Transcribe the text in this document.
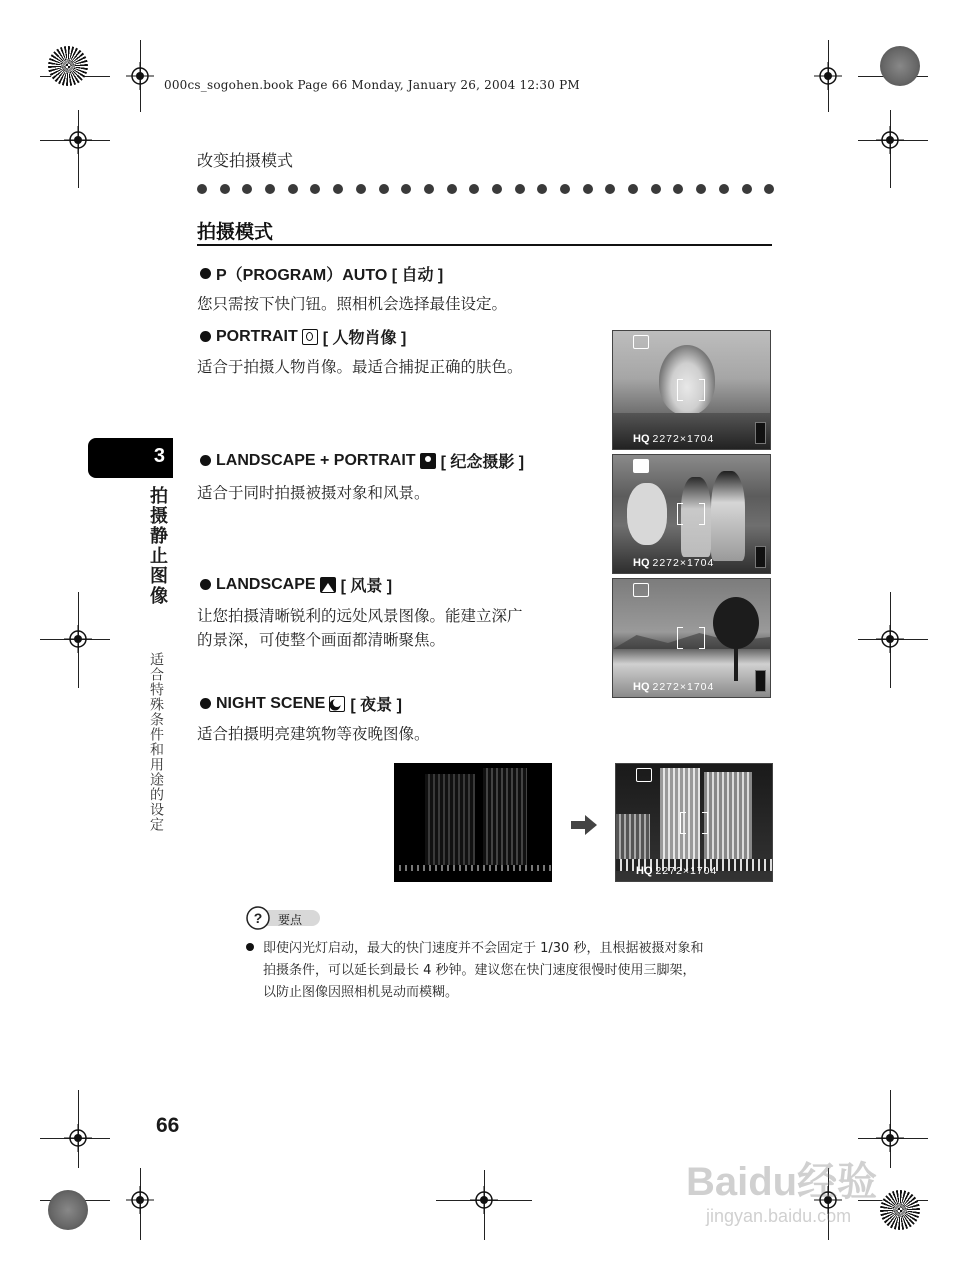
000cs_sogohen.book Page 66 Monday, January 26, 2004 12:30 PM
改变拍摄模式
拍摄模式
P（PROGRAM）AUTO [ 自动 ]
您只需按下快门钮。照相机会选择最佳设定。
PORTRAIT [ 人物肖像 ]
适合于拍摄人物肖像。最适合捕捉正确的肤色。
HQ 2272×1704
LANDSCAPE + PORTRAIT [ 纪念摄影 ]
适合于同时拍摄被摄对象和风景。
HQ 2272×1704
LANDSCAPE [ 风景 ]
让您拍摄清晰锐利的远处风景图像。能建立深广
的景深，可使整个画面都清晰聚焦。
HQ 2272×1704
NIGHT SCENE [ 夜景 ]
适合拍摄明亮建筑物等夜晚图像。
HQ 2272×1704
3
拍摄静止图像
适合特殊条件和用途的设定
? 要点
即使闪光灯启动，最大的快门速度并不会固定于 1/30 秒，且根据被摄对象和
拍摄条件，可以延长到最长 4 秒钟。建议您在快门速度很慢时使用三脚架，
以防止图像因照相机晃动而模糊。
66
Baidu经验
jingyan.baidu.com
